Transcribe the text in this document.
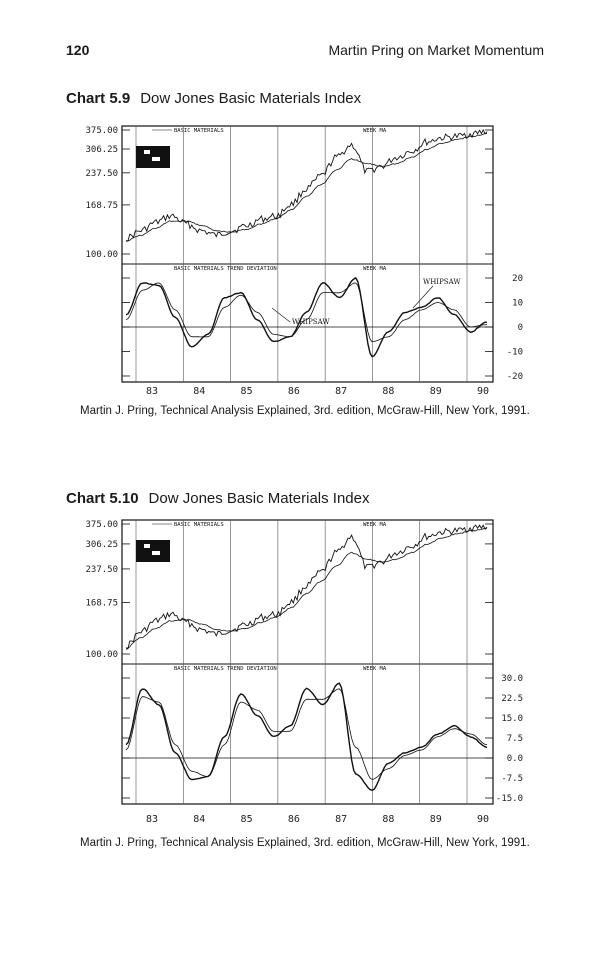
120	Martin Pring on Market Momentum
Chart 5.9 Dow Jones Basic Materials Index
Chart 5.10 Dow Jones Basic Materials Index
Martin J. Pring, Technical Analysis Explained, 3rd. edition, McGraw-Hill, New York, 1991.
Martin J. Pring, Technical Analysis Explained, 3rd. edition, McGraw-Hill, New York, 1991.
83	84	85	86	87	88	89	90
375.00
306.25
237.50
168.75
100.00
BASIC MATERIALS	WEEK MA
20
10
0
-10
-20
BASIC MATERIALS TREND DEVIATION	WEEK MA
WHIPSAW
WHIPSAW
83	84	85	86	87	88	89	90
375.00
306.25
237.50
168.75
100.00
BASIC MATERIALS	WEEK MA
30.0
22.5
15.0
7.5
0.0
-7.5
-15.0
BASIC MATERIALS TREND DEVIATION	WEEK MA
